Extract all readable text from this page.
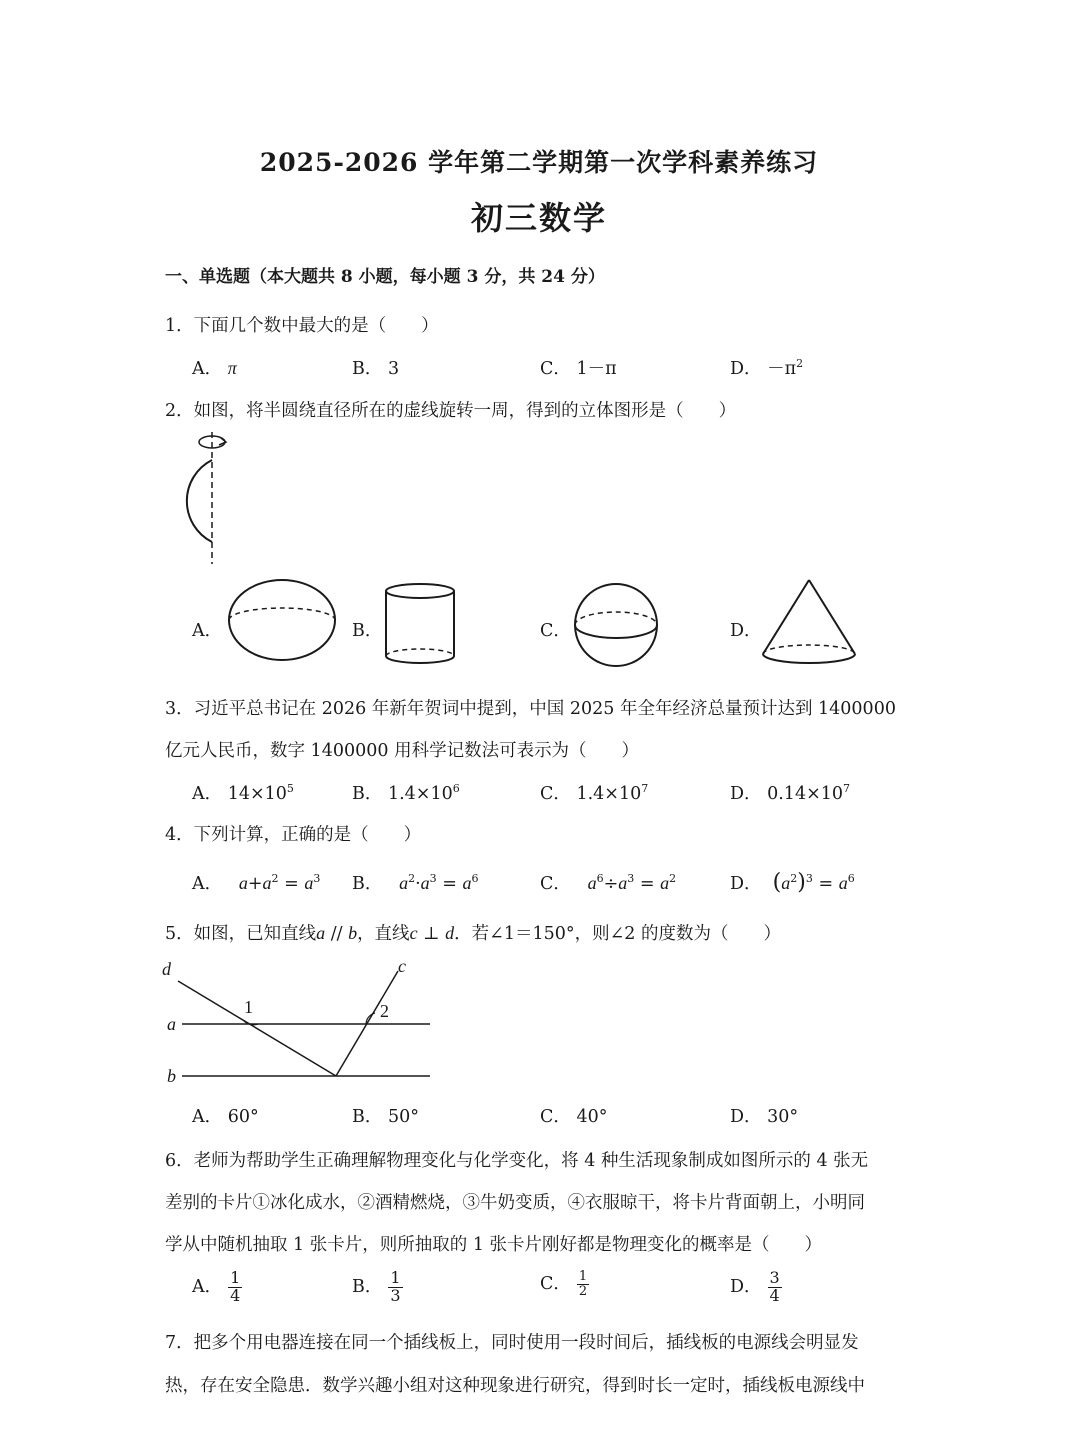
2025-2026 学年第二学期第一次学科素养练习
初三数学
一、单选题（本大题共 8 小题，每小题 3 分，共 24 分）
1．下面几个数中最大的是（　　）
A． π	B． 3	C． 1－π	D． $-\pi^2$
2．如图，将半圆绕直径所在的虚线旋转一周，得到的立体图形是（　　）
A．	B．	C．	D．
3．习近平总书记在 2026 年新年贺词中提到，中国 2025 年全年经济总量预计达到 1400000
亿元人民币，数字 1400000 用科学记数法可表示为（　　）
A． $14\times 10^5$	B． $1.4\times 10^6$	C． $1.4\times 10^7$	D． $0.14\times 10^7$
4．下列计算，正确的是（　　）
A． $a+a^2 = a^3$ B． $a^2\cdot a^3 = a^6$	C． $a^6\div a^3 = a^2$	D． $(a^2)^3 = a^6$
5．如图，已知直线a // b，直线c ⊥ d．若∠1＝150°，则∠2 的度数为（　　）
d	c
a
b
1	2
A． 60°	B． 50°	C． 40°	D． 30°
6．老师为帮助学生正确理解物理变化与化学变化，将 4 种生活现象制成如图所示的 4 张无
差别的卡片①冰化成水，②酒精燃烧，③牛奶变质，④衣服晾干，将卡片背面朝上，小明同
学从中随机抽取 1 张卡片，则所抽取的 1 张卡片刚好都是物理变化的概率是（　　）
A． $\frac{1}{4}$	B． $\frac{1}{3}$	C． $\frac{1}{2}$	D． $\frac{3}{4}$
7．把多个用电器连接在同一个插线板上，同时使用一段时间后，插线板的电源线会明显发
热，存在安全隐患．数学兴趣小组对这种现象进行研究，得到时长一定时，插线板电源线中
